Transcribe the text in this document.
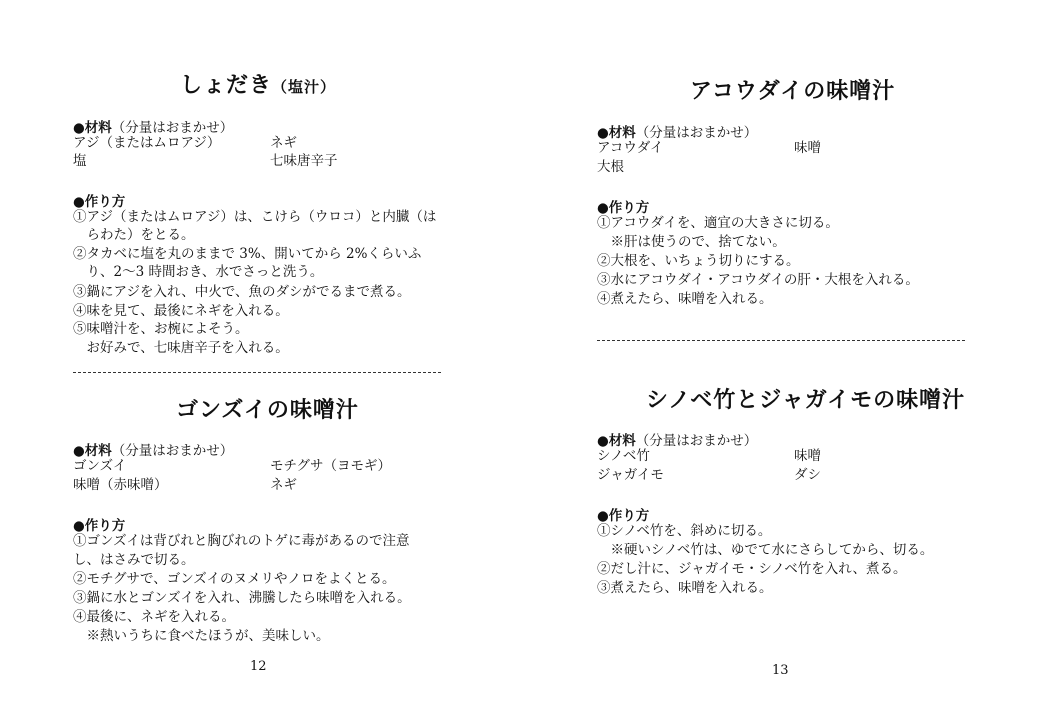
しょだき（塩汁）
●材料（分量はおまかせ）
アジ（またはムロアジ）	ネギ
塩	七味唐辛子
●作り方
①アジ（またはムロアジ）は、こけら（ウロコ）と内臓（は
　らわた）をとる。
②タカベに塩を丸のままで 3%、開いてから 2%くらいふ
　り、2～3 時間おき、水でさっと洗う。
③鍋にアジを入れ、中火で、魚のダシがでるまで煮る。
④味を見て、最後にネギを入れる。
⑤味噌汁を、お椀によそう。
　お好みで、七味唐辛子を入れる。
ゴンズイの味噌汁
●材料（分量はおまかせ）
ゴンズイ	モチグサ（ヨモギ）
味噌（赤味噌）	ネギ
●作り方
①ゴンズイは背びれと胸びれのトゲに毒があるので注意
し、はさみで切る。
②モチグサで、ゴンズイのヌメリやノロをよくとる。
③鍋に水とゴンズイを入れ、沸騰したら味噌を入れる。
④最後に、ネギを入れる。
　※熱いうちに食べたほうが、美味しい。
12
アコウダイの味噌汁
●材料（分量はおまかせ）
アコウダイ	味噌
大根
●作り方
①アコウダイを、適宜の大きさに切る。
　※肝は使うので、捨てない。
②大根を、いちょう切りにする。
③水にアコウダイ・アコウダイの肝・大根を入れる。
④煮えたら、味噌を入れる。
シノベ竹とジャガイモの味噌汁
●材料（分量はおまかせ）
シノベ竹	味噌
ジャガイモ	ダシ
●作り方
①シノベ竹を、斜めに切る。
　※硬いシノベ竹は、ゆでて水にさらしてから、切る。
②だし汁に、ジャガイモ・シノベ竹を入れ、煮る。
③煮えたら、味噌を入れる。
13
